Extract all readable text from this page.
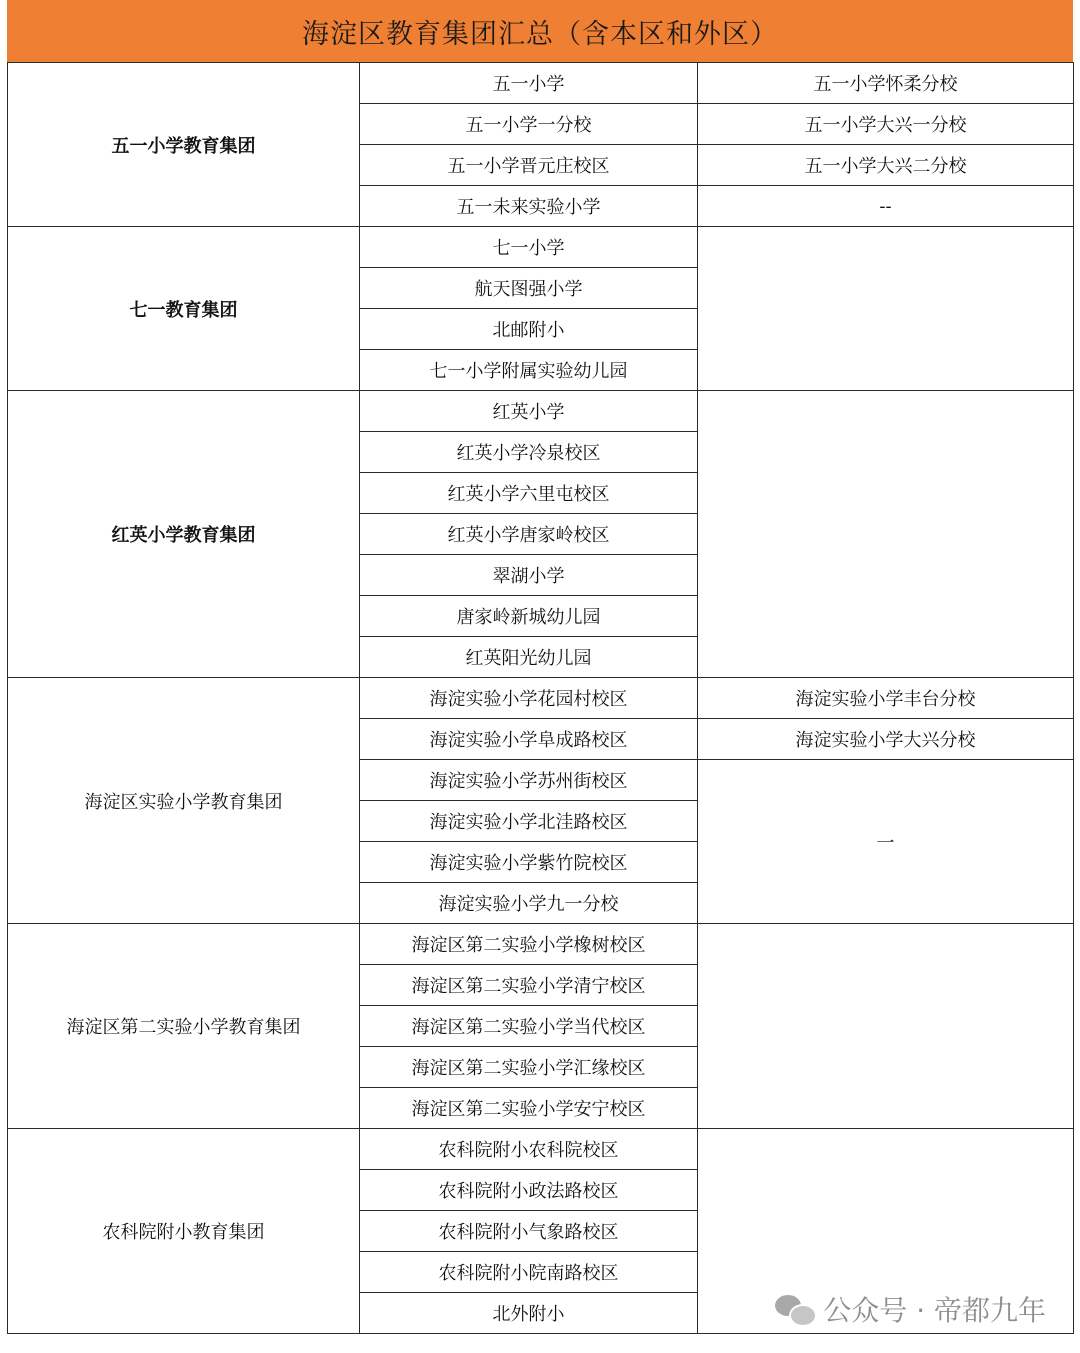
海淀区教育集团汇总（含本区和外区）
五一小学教育集团	五一小学	五一小学怀柔分校
	五一小学一分校	五一小学大兴一分校
	五一小学晋元庄校区	五一小学大兴二分校
	五一未来实验小学	--
七一教育集团	七一小学	
	航天图强小学	
	北邮附小	
	七一小学附属实验幼儿园	
红英小学教育集团	红英小学	
	红英小学冷泉校区	
	红英小学六里屯校区	
	红英小学唐家岭校区	
	翠湖小学	
	唐家岭新城幼儿园	
	红英阳光幼儿园	
海淀区实验小学教育集团	海淀实验小学花园村校区	海淀实验小学丰台分校
	海淀实验小学阜成路校区	海淀实验小学大兴分校
	海淀实验小学苏州街校区	一
	海淀实验小学北洼路校区	
	海淀实验小学紫竹院校区	
	海淀实验小学九一分校	
海淀区第二实验小学教育集团	海淀区第二实验小学橡树校区	
	海淀区第二实验小学清宁校区	
	海淀区第二实验小学当代校区	
	海淀区第二实验小学汇缘校区	
	海淀区第二实验小学安宁校区	
农科院附小教育集团	农科院附小农科院校区	
	农科院附小政法路校区	
	农科院附小气象路校区	
	农科院附小院南路校区	
	北外附小		公众号 · 帝都九年
